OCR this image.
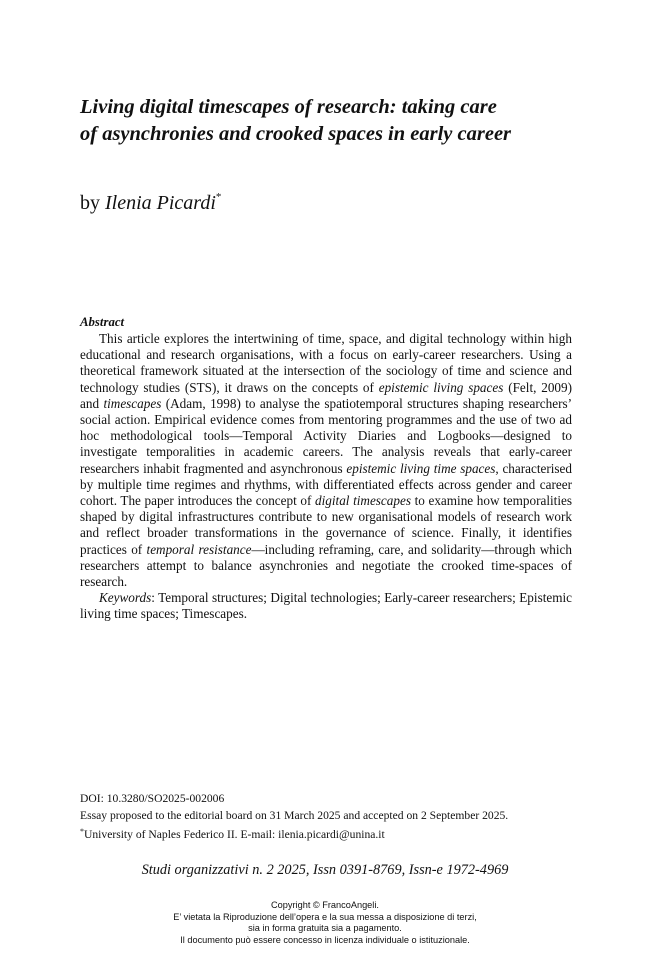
Living digital timescapes of research: taking care
of asynchronies and crooked spaces in early career
by Ilenia Picardi*
Abstract

This article explores the intertwining of time, space, and digital technology within high educational and research organisations, with a focus on early-career researchers. Using a theoretical framework situated at the intersection of the sociology of time and science and technology studies (STS), it draws on the concepts of epistemic living spaces (Felt, 2009) and timescapes (Adam, 1998) to analyse the spatiotemporal structures shaping researchers’ social action. Empirical evidence comes from mentoring programmes and the use of two ad hoc methodological tools—Temporal Activity Diaries and Logbooks—designed to investigate temporalities in academic careers. The analysis reveals that early-career researchers inhabit fragmented and asynchronous epistemic living time spaces, characterised by multiple time regimes and rhythms, with differentiated effects across gender and career cohort. The paper introduces the concept of digital timescapes to examine how temporalities shaped by digital infrastructures contribute to new organisational models of research work and reflect broader transformations in the governance of science. Finally, it identifies practices of temporal resistance—including reframing, care, and solidarity—through which researchers attempt to balance asynchronies and negotiate the crooked time-spaces of research.

Keywords: Temporal structures; Digital technologies; Early-career researchers; Epistemic living time spaces; Timescapes.

DOI: 10.3280/SO2025-002006
Essay proposed to the editorial board on 31 March 2025 and accepted on 2 September 2025.
*University of Naples Federico II. E-mail: ilenia.picardi@unina.it
Studi organizzativi n. 2 2025, Issn 0391-8769, Issn-e 1972-4969
Copyright © FrancoAngeli.
E’ vietata la Riproduzione dell’opera e la sua messa a disposizione di terzi,
sia in forma gratuita sia a pagamento.
Il documento può essere concesso in licenza individuale o istituzionale.
